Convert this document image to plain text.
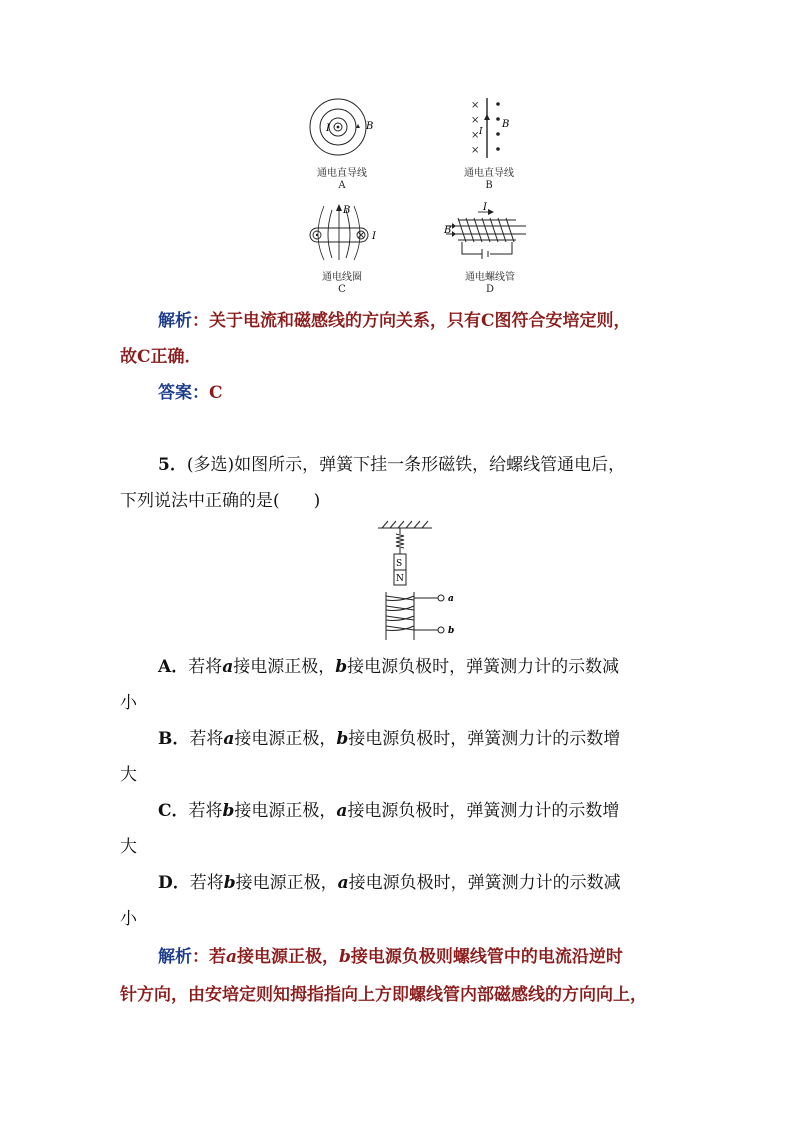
I	B
通电直导线
A
×
×
×
×
I
B
通电直导线
B
B
I
通电线圈
C
I
B
通电螺线管
D
解析：关于电流和磁感线的方向关系，只有C图符合安培定则，
故C正确．
答案：C
5．(多选)如图所示，弹簧下挂一条形磁铁，给螺线管通电后，
下列说法中正确的是(　　)
S
N
a
b
A．若将a接电源正极，b接电源负极时，弹簧测力计的示数减
小
B．若将a接电源正极，b接电源负极时，弹簧测力计的示数增
大
C．若将b接电源正极，a接电源负极时，弹簧测力计的示数增
大
D．若将b接电源正极，a接电源负极时，弹簧测力计的示数减
小
解析：若a接电源正极，b接电源负极则螺线管中的电流沿逆时
针方向，由安培定则知拇指指向上方即螺线管内部磁感线的方向向上，
